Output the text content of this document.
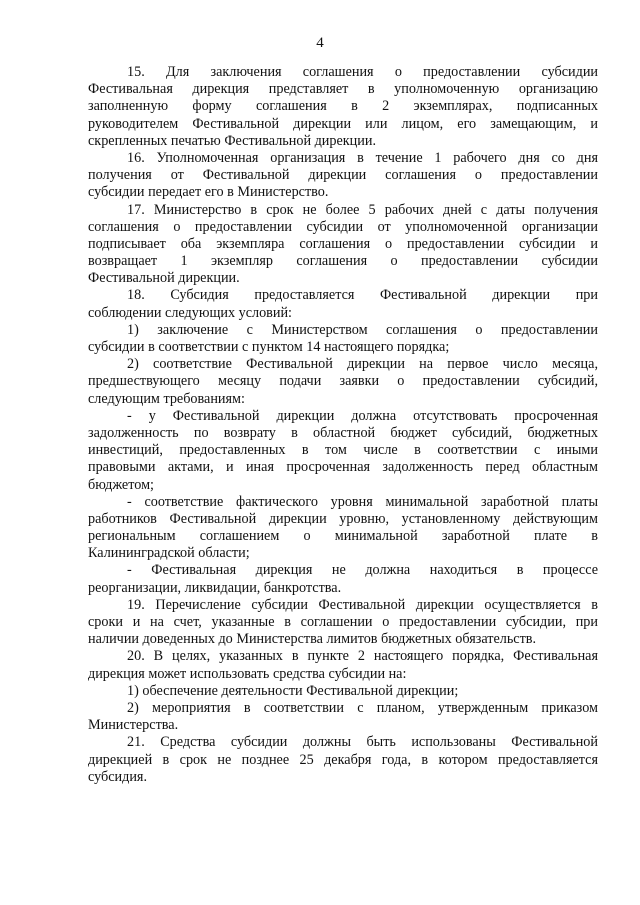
4
15. Для заключения соглашения о предоставлении субсидии
Фестивальная дирекция представляет в уполномоченную организацию
заполненную форму соглашения в 2 экземплярах, подписанных
руководителем Фестивальной дирекции или лицом, его замещающим, и
скрепленных печатью Фестивальной дирекции.
16. Уполномоченная организация в течение 1 рабочего дня со дня
получения от Фестивальной дирекции соглашения о предоставлении
субсидии передает его в Министерство.
17. Министерство в срок не более 5 рабочих дней с даты получения
соглашения о предоставлении субсидии от уполномоченной организации
подписывает оба экземпляра соглашения о предоставлении субсидии и
возвращает 1 экземпляр соглашения о предоставлении субсидии
Фестивальной дирекции.
18. Субсидия предоставляется Фестивальной дирекции при
соблюдении следующих условий:
1) заключение с Министерством соглашения о предоставлении
субсидии в соответствии с пунктом 14 настоящего порядка;
2) соответствие Фестивальной дирекции на первое число месяца,
предшествующего месяцу подачи заявки о предоставлении субсидий,
следующим требованиям:
- у Фестивальной дирекции должна отсутствовать просроченная
задолженность по возврату в областной бюджет субсидий, бюджетных
инвестиций, предоставленных в том числе в соответствии с иными
правовыми актами, и иная просроченная задолженность перед областным
бюджетом;
- соответствие фактического уровня минимальной заработной платы
работников Фестивальной дирекции уровню, установленному действующим
региональным соглашением о минимальной заработной плате в
Калининградской области;
- Фестивальная дирекция не должна находиться в процессе
реорганизации, ликвидации, банкротства.
19. Перечисление субсидии Фестивальной дирекции осуществляется в
сроки и на счет, указанные в соглашении о предоставлении субсидии, при
наличии доведенных до Министерства лимитов бюджетных обязательств.
20. В целях, указанных в пункте 2 настоящего порядка, Фестивальная
дирекция может использовать средства субсидии на:
1) обеспечение деятельности Фестивальной дирекции;
2) мероприятия в соответствии с планом, утвержденным приказом
Министерства.
21. Средства субсидии должны быть использованы Фестивальной
дирекцией в срок не позднее 25 декабря года, в котором предоставляется
субсидия.
